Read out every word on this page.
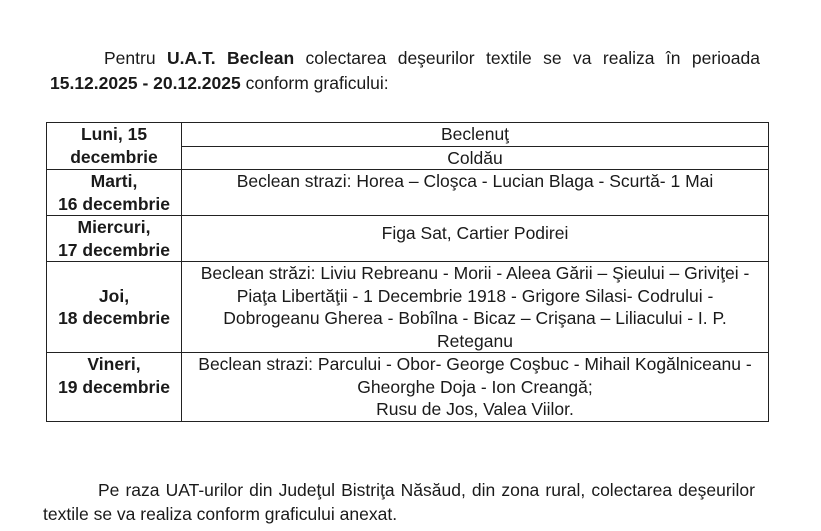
Pentru U.A.T. Beclean colectarea deşeurilor textile se va realiza în perioada
15.12.2025 - 20.12.2025 conform graficului:

Luni, 15
decembrie	Beclenuţ
	Coldău

Marti,
16 decembrie	Beclean strazi: Horea – Cloşca - Lucian Blaga - Scurtă- 1 Mai

Miercuri,
17 decembrie	Figa Sat, Cartier Podirei

Joi,
18 decembrie	Beclean străzi: Liviu Rebreanu - Morii - Aleea Gării – Şieului – Griviţei -
Piaţa Libertăţii - 1 Decembrie 1918 - Grigore Silasi- Codrului -
Dobrogeanu Gherea - Bobîlna - Bicaz – Crişana – Liliacului - I. P.
Reteganu

Vineri,
19 decembrie	Beclean strazi: Parcului - Obor- George Coşbuc - Mihail Kogălniceanu -
Gheorghe Doja - Ion Creangă;
Rusu de Jos, Valea Viilor.

Pe raza UAT-urilor din Judeţul Bistriţa Năsăud, din zona rural, colectarea deşeurilor
textile se va realiza conform graficului anexat.
